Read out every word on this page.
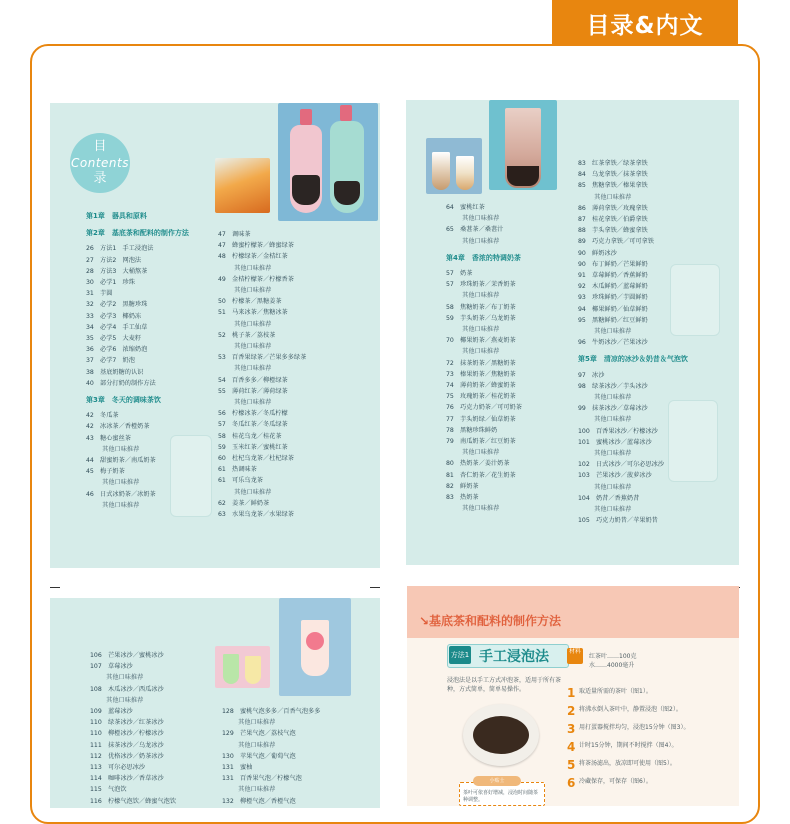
目录&内文
目
Contents
录
第1章　器具和原料
第2章　基底茶和配料的制作方法
26　方法1　手工浸泡法
27　方法2　网泡法
28　方法3　大桶熬茶
30　必学1　珍珠
31　芋圆
32　必学2　黑糖珍珠
33　必学3　椰奶冻
34　必学4　手工仙草
35　必学5　大麦籽
36　必学6　浓缩奶泡
37　必学7　奶泡
38　基底奶糖的认识
40　部分打奶的制作方法
第3章　冬天的调味茶饮
42　冬瓜茶
42　冰冰茶／香橙奶茶
43　糖心蜜丝茶
　其他口味推荐
44　甜蜜奶茶／南瓜奶茶
45　梅子奶茶
　其他口味推荐
46　日式冰奶茶／冰奶茶
　其他口味推荐
47　调味茶
47　蜂蜜柠檬茶／蜂蜜绿茶
48　柠檬绿茶／金桔红茶
　其他口味推荐
49　金桔柠檬茶／柠檬香茶
　其他口味推荐
50　柠檬茶／黑糖姜茶
51　马来冰茶／焦糖冰茶
　其他口味推荐
52　桃子茶／荔枝茶
　其他口味推荐
53　百香果绿茶／芒果多多绿茶
　其他口味推荐
54　百香多多／柳橙绿茶
55　薄荷红茶／薄荷绿茶
　其他口味推荐
56　柠檬冰茶／冬瓜柠檬
57　冬瓜红茶／冬瓜绿茶
58　桂花乌龙／桂花茶
59　玉米红茶／蜜桃红茶
60　杜杞乌龙茶／杜杞绿茶
61　热调味茶
61　可乐乌龙茶
　其他口味推荐
62　姜茶／鲜奶茶
63　水果乌龙茶／水果绿茶
64　蜜桃红茶
　其他口味推荐
65　桑葚茶／桑葚汁
　其他口味推荐
第4章　香浓的特调奶茶
57　奶茶
57　珍珠奶茶／茉香奶茶
　其他口味推荐
58　焦糖奶茶／布丁奶茶
59　芋头奶茶／乌龙奶茶
　其他口味推荐
70　椰果奶茶／燕麦奶茶
　其他口味推荐
72　抹茶奶茶／黑糖奶茶
73　榛果奶茶／焦糖奶茶
74　薄荷奶茶／蜂蜜奶茶
75　玫瑰奶茶／桂花奶茶
76　巧克力奶茶／可可奶茶
77　芋头奶绿／仙草奶茶
78　黑糖珍珠鲜奶
79　南瓜奶茶／红豆奶茶
　其他口味推荐
80　热奶茶／姜汁奶茶
81　杏仁奶茶／花生奶茶
82　鲜奶茶
83　热奶茶
　其他口味推荐
83　红茶拿铁／绿茶拿铁
84　乌龙拿铁／抹茶拿铁
85　焦糖拿铁／榛果拿铁
　其他口味推荐
86　薄荷拿铁／玫瑰拿铁
87　桂花拿铁／伯爵拿铁
88　芋头拿铁／蜂蜜拿铁
89　巧克力拿铁／可可拿铁
90　鲜奶冰沙
90　布丁鲜奶／芒果鲜奶
91　草莓鲜奶／香蕉鲜奶
92　木瓜鲜奶／蓝莓鲜奶
93　珍珠鲜奶／芋圆鲜奶
94　椰果鲜奶／仙草鲜奶
95　黑糖鲜奶／红豆鲜奶
　其他口味推荐
96　牛奶冰沙／芒果冰沙
第5章　清凉的冰沙＆奶昔＆气泡饮
97　冰沙
98　绿茶冰沙／芋头冰沙
　其他口味推荐
99　抹茶冰沙／草莓冰沙
　其他口味推荐
100　百香果冰沙／柠檬冰沙
101　蜜桃冰沙／蓝莓冰沙
　其他口味推荐
102　日式冰沙／可尔必思冰沙
103　芒果冰沙／菠萝冰沙
　其他口味推荐
104　奶昔／香蕉奶昔
　其他口味推荐
105　巧克力奶昔／苹果奶昔
106　芒果冰沙／蜜桃冰沙
107　草莓冰沙
　其他口味推荐
108　木瓜冰沙／西瓜冰沙
　其他口味推荐
109　蓝莓冰沙
110　绿茶冰沙／红茶冰沙
110　柳橙冰沙／柠檬冰沙
111　抹茶冰沙／乌龙冰沙
112　优格冰沙／奶茶冰沙
113　可尔必思冰沙
114　咖啡冰沙／香草冰沙
115　气泡饮
116　柠檬气泡饮／蜂蜜气泡饮
128　蜜桃气泡多多／百香气泡多多
　其他口味推荐
129　芒果气泡／荔枝气泡
　其他口味推荐
130　苹果气泡／葡萄气泡
131　蜜柚
131　百香果气泡／柠檬气泡
　其他口味推荐
132　柳橙气泡／香橙气泡
↘基底茶和配料的制作方法
方法1 手工浸泡法	材料
红茶叶……100克
水……4000毫升
浸泡法是以手工方式冲泡茶，适用于所有茶种，方式简单，简单易操作。
小贴士
茶叶可依喜好增减，浸泡时间随茶种调整。
1 取适量所需的茶叶（图1）。
2 将沸水倒入茶叶中，静置浸泡（图2）。
3 用打蛋器搅拌均匀，浸泡15分钟（图3）。
4 计时15分钟，期间不时搅拌（图4）。
5 将茶汤滤出，放凉即可使用（图5）。
6 冷藏保存，可保存（图6）。
